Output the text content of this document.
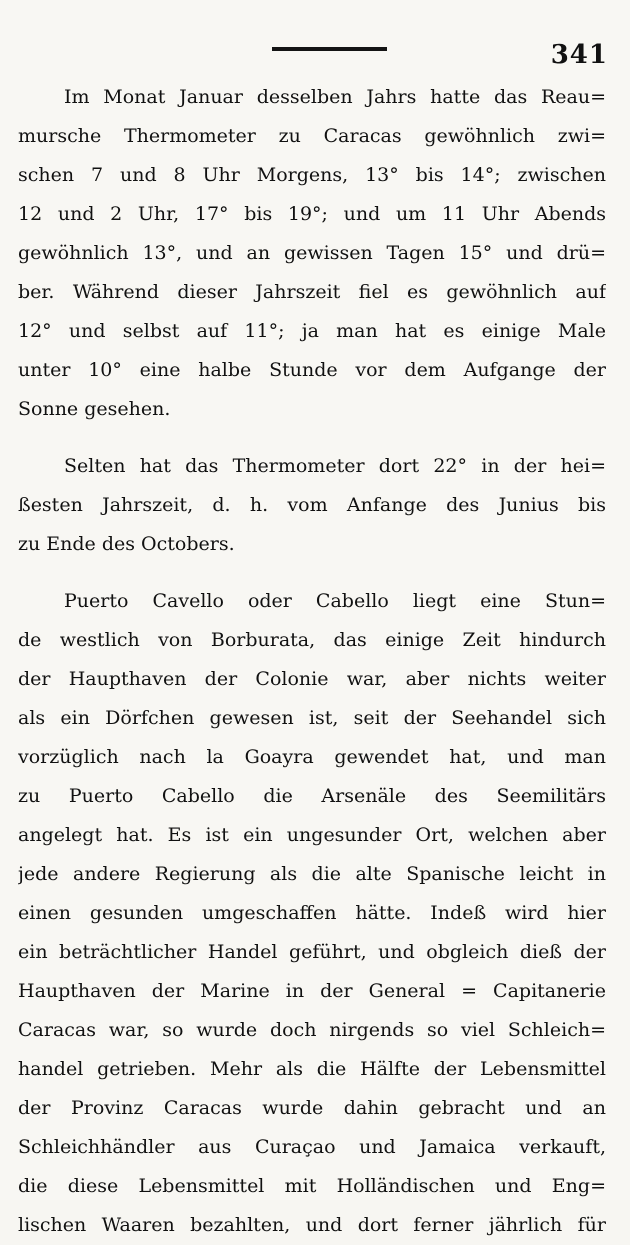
341
Im Monat Januar desselben Jahrs hatte das Reau=
mursche Thermometer zu Caracas gewöhnlich zwi=
schen 7 und 8 Uhr Morgens, 13° bis 14°; zwischen
12 und 2 Uhr, 17° bis 19°; und um 11 Uhr Abends
gewöhnlich 13°, und an gewissen Tagen 15° und drü=
ber. Während dieser Jahrszeit fiel es gewöhnlich auf
12° und selbst auf 11°; ja man hat es einige Male
unter 10° eine halbe Stunde vor dem Aufgange der
Sonne gesehen.
Selten hat das Thermometer dort 22° in der hei=
ßesten Jahrszeit, d. h. vom Anfange des Junius bis
zu Ende des Octobers.
Puerto Cavello oder Cabello liegt eine Stun=
de westlich von Borburata, das einige Zeit hindurch
der Haupthaven der Colonie war, aber nichts weiter
als ein Dörfchen gewesen ist, seit der Seehandel sich
vorzüglich nach la Goayra gewendet hat, und man
zu Puerto Cabello die Arsenäle des Seemilitärs
angelegt hat. Es ist ein ungesunder Ort, welchen aber
jede andere Regierung als die alte Spanische leicht in
einen gesunden umgeschaffen hätte. Indeß wird hier
ein beträchtlicher Handel geführt, und obgleich dieß der
Haupthaven der Marine in der General = Capitanerie
Caracas war, so wurde doch nirgends so viel Schleich=
handel getrieben. Mehr als die Hälfte der Lebensmittel
der Provinz Caracas wurde dahin gebracht und an
Schleichhändler aus Curaçao und Jamaica verkauft,
die diese Lebensmittel mit Holländischen und Eng=
lischen Waaren bezahlten, und dort ferner jährlich für
